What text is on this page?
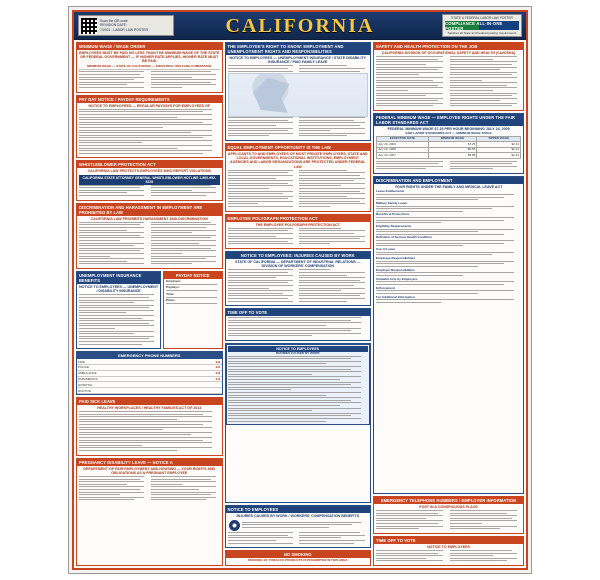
CALIFORNIA
Scan the QR code
REVISION DATE:
7/2021 - LABOR LAW POSTER
STATE & FEDERAL LABOR LAW POSTER
COMPLIANCE ALL-IN-ONE POSTER
Satisfies all State and Federal posting requirements
MINIMUM WAGE / WAGE ORDER
EMPLOYEES MUST BE PAID NO LESS THAN THE MINIMUM WAGE OF THE STATE OR FEDERAL GOVERNMENT — IF HIGHER RATE APPLIES, HIGHER RATE MUST BE PAID
MINIMUM WAGE — STATE OF CALIFORNIA — INDUSTRIAL WELFARE COMMISSION
PAY DAY NOTICE / PAYDAY REQUIREMENTS
NOTICE TO EMPLOYEES — REGULAR PAYDAYS FOR EMPLOYEES OF
WHISTLEBLOWER PROTECTION ACT
CALIFORNIA LAW PROTECTS EMPLOYEES WHO REPORT VIOLATIONS
CALIFORNIA STATE ATTORNEY GENERAL WHISTLEBLOWER HOTLINE 1-800-952-5225
DISCRIMINATION AND HARASSMENT IN EMPLOYMENT ARE PROHIBITED BY LAW
CALIFORNIA LAW PROHIBITS HARASSMENT AND DISCRIMINATION
UNEMPLOYMENT INSURANCE BENEFITS
NOTICE TO EMPLOYEES — UNEMPLOYMENT / DISABILITY INSURANCE
PAYDAY NOTICE
Employer:
Paydays:
Time:
Place:
EMERGENCY PHONE NUMBERS
FIRE	911
POLICE	911
AMBULANCE	911
PARAMEDICS	911
HOSPITAL
DOCTOR
PAID SICK LEAVE
HEALTHY WORKPLACES / HEALTHY FAMILIES ACT OF 2014
PREGNANCY DISABILITY LEAVE — NOTICE A
DEPARTMENT OF FAIR EMPLOYMENT AND HOUSING — YOUR RIGHTS AND OBLIGATIONS AS A PREGNANT EMPLOYEE
THE EMPLOYEE'S RIGHT TO KNOW: EMPLOYMENT AND UNEMPLOYMENT RIGHTS AND RESPONSIBILITIES
NOTICE TO EMPLOYEES — UNEMPLOYMENT INSURANCE / STATE DISABILITY INSURANCE / PAID FAMILY LEAVE
EQUAL EMPLOYMENT OPPORTUNITY IS THE LAW
APPLICANTS TO AND EMPLOYEES OF MOST PRIVATE EMPLOYERS, STATE AND LOCAL GOVERNMENTS, EDUCATIONAL INSTITUTIONS, EMPLOYMENT AGENCIES AND LABOR ORGANIZATIONS ARE PROTECTED UNDER FEDERAL LAW
EMPLOYEE POLYGRAPH PROTECTION ACT
THE EMPLOYEE POLYGRAPH PROTECTION ACT
NOTICE TO EMPLOYEES: INJURIES CAUSED BY WORK
STATE OF CALIFORNIA — DEPARTMENT OF INDUSTRIAL RELATIONS — DIVISION OF WORKERS' COMPENSATION
TIME OFF TO VOTE
NOTICE TO EMPLOYEES
INJURIES CAUSED BY WORK
NOTICE TO EMPLOYEES
INJURIES CAUSED BY WORK / WORKERS' COMPENSATION BENEFITS
NO SMOKING
SMOKING OF TOBACCO PRODUCTS IS PROHIBITED IN THIS AREA
SAFETY AND HEALTH PROTECTION ON THE JOB
CALIFORNIA DIVISION OF OCCUPATIONAL SAFETY AND HEALTH (Cal/OSHA)
FEDERAL MINIMUM WAGE — EMPLOYEE RIGHTS UNDER THE FAIR LABOR STANDARDS ACT
FEDERAL MINIMUM WAGE $7.25 PER HOUR BEGINNING JULY 24, 2009
FAIR LABOR STANDARDS ACT — MINIMUM WAGE TABLE
EFFECTIVE DATE	MINIMUM WAGE	TIPPED WAGE
July 24, 2009	$7.25	$2.13
July 24, 2008	$6.55	$2.13
July 24, 2007	$5.85	$2.13
DISCRIMINATION AND EMPLOYMENT
YOUR RIGHTS UNDER THE FAMILY AND MEDICAL LEAVE ACT
Leave Entitlements
Military Family Leave
Benefits & Protections
Eligibility Requirements
Definition of Serious Health Condition
Use of Leave
Employee Responsibilities
Employer Responsibilities
Unlawful Acts by Employers
Enforcement
For Additional Information
EMERGENCY TELEPHONE NUMBERS / EMPLOYER INFORMATION
POST IN A CONSPICUOUS PLACE
TIME OFF TO VOTE
NOTICE TO EMPLOYEES
